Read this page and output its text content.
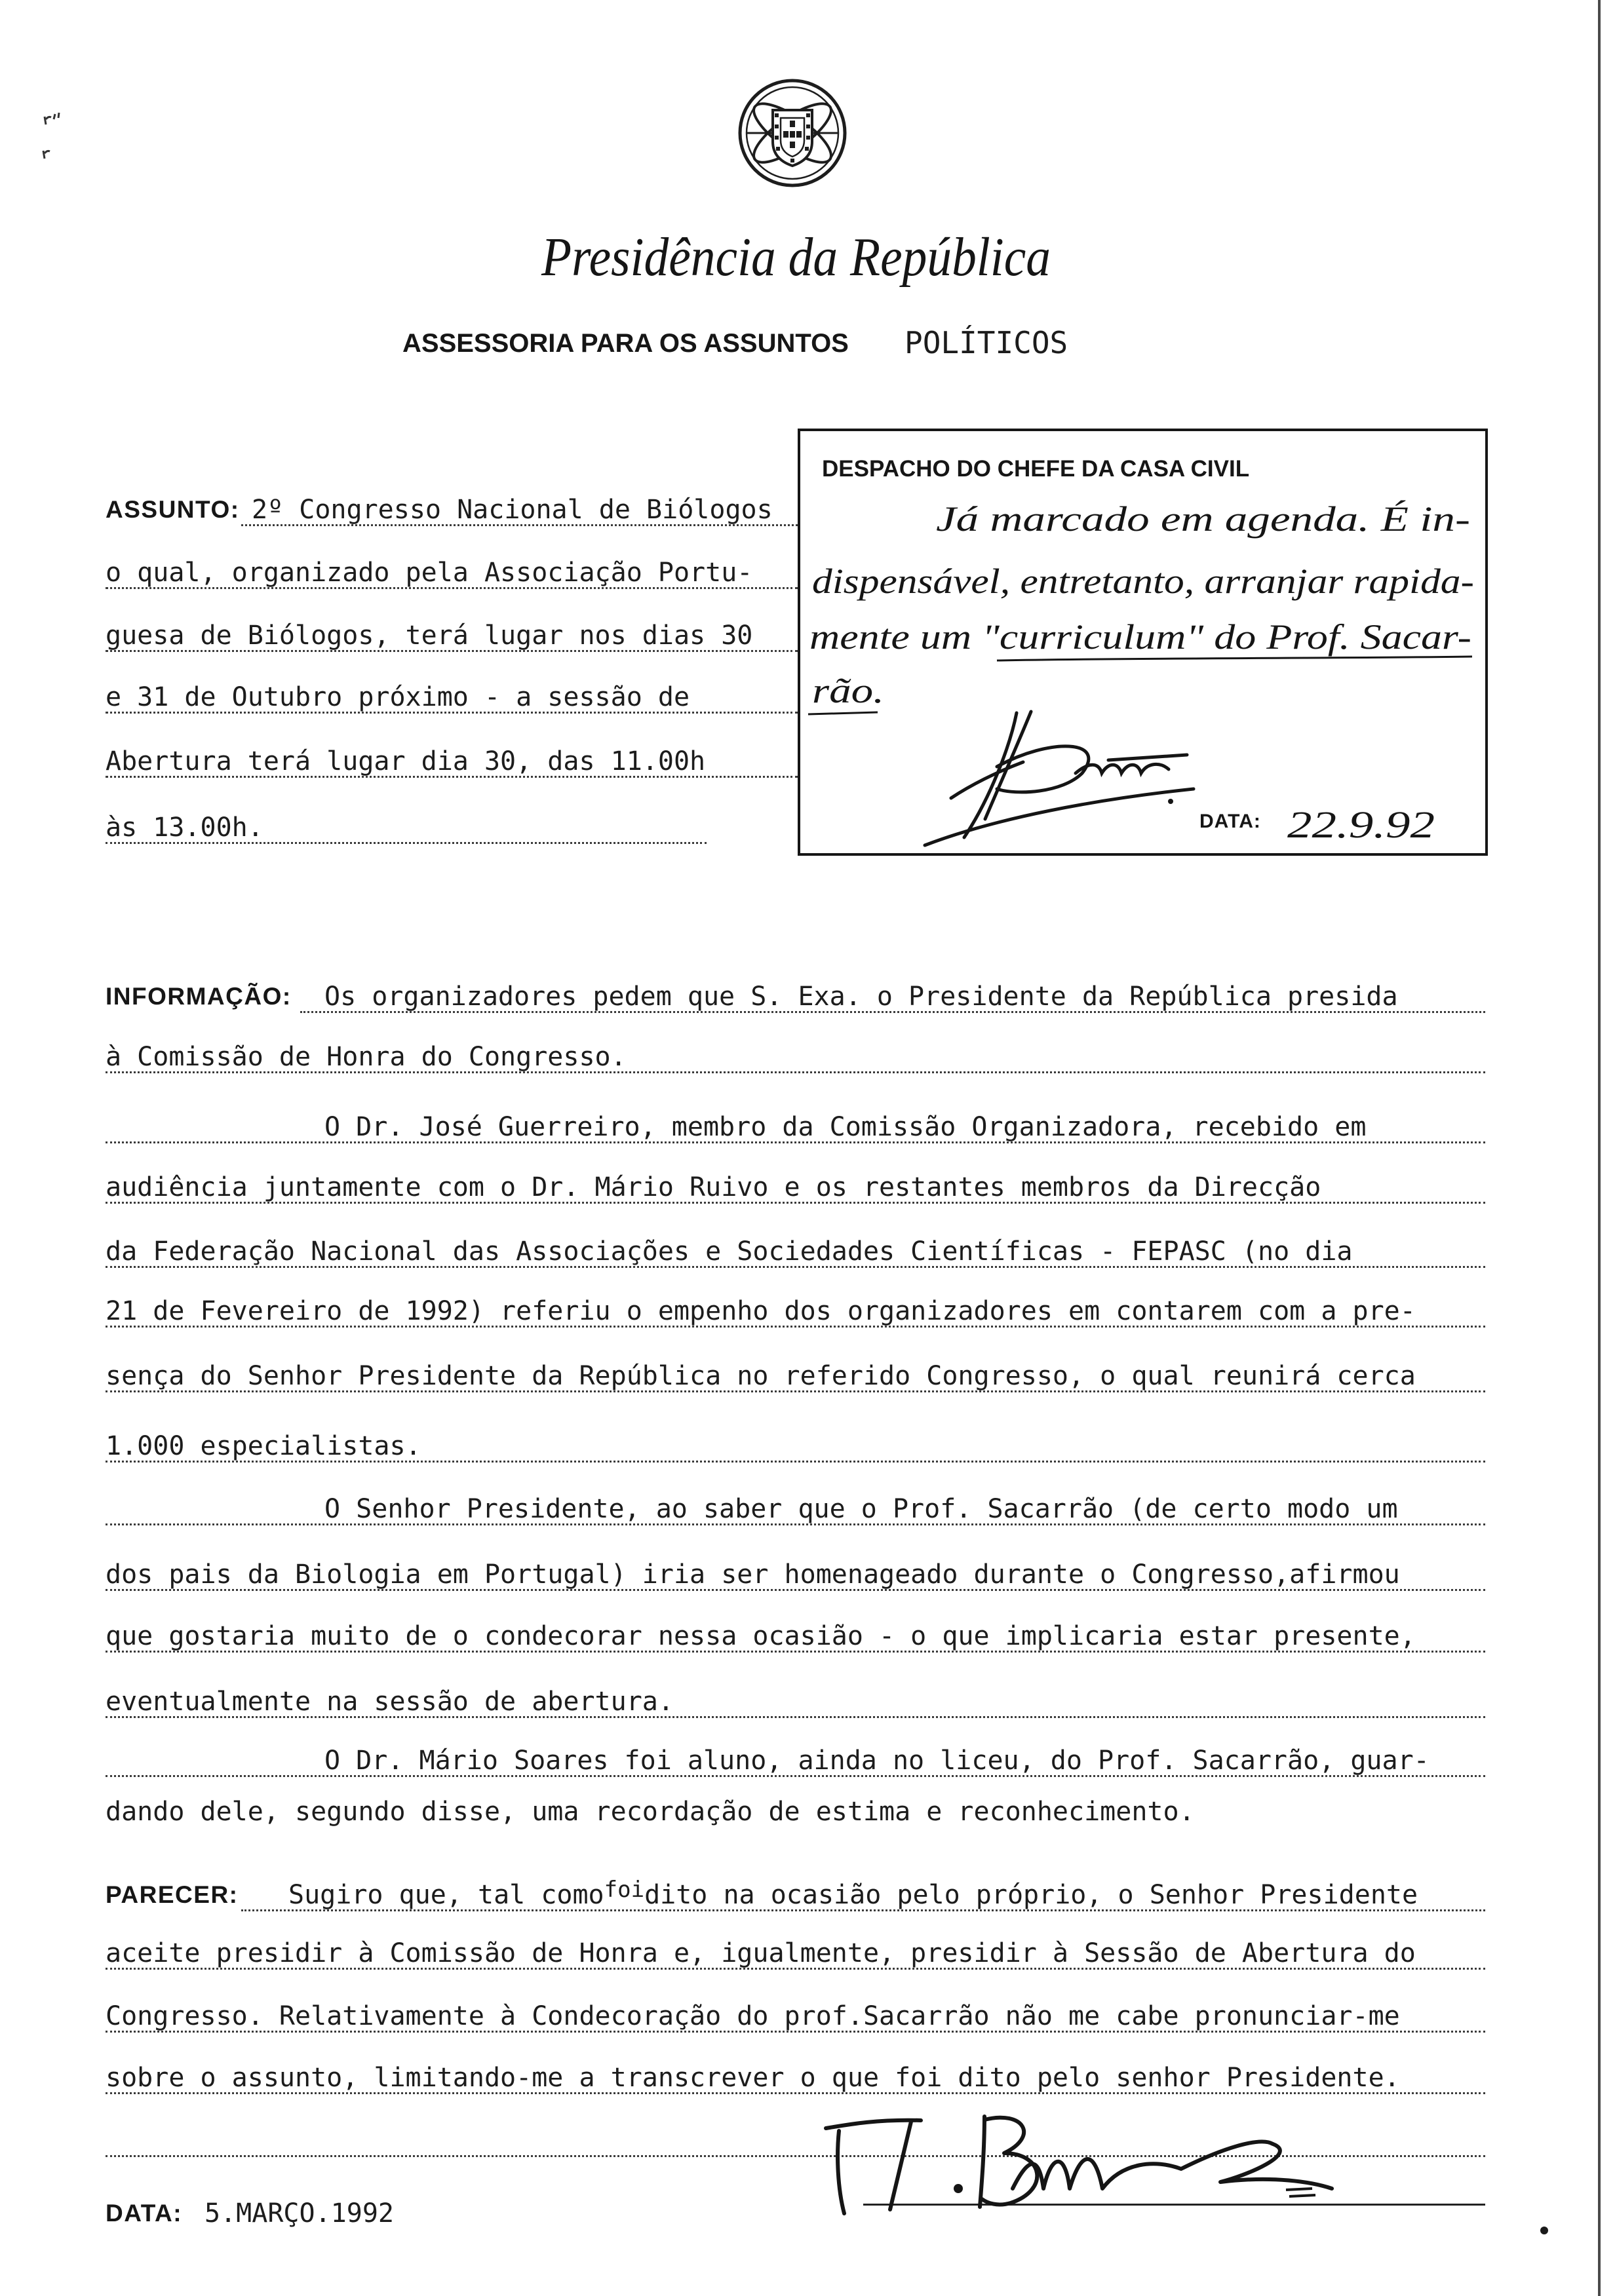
Presidência da República
ASSESSORIA PARA OS ASSUNTOS POLÍTICOS
ASSUNTO: 2º Congresso Nacional de Biólogos
o qual, organizado pela Associação Portu-
guesa de Biólogos, terá lugar nos dias 30
e 31 de Outubro próximo - a sessão de
Abertura terá lugar dia 30, das 11.00h
às 13.00h.
DESPACHO DO CHEFE DA CASA CIVIL
Já marcado em agenda. É in-
dispensável, entretanto, arranjar rapida-
mente um "curriculum" do Prof. Sacar-
rão.
22.9.92
DATA:
INFORMAÇÃO:	Os organizadores pedem que S. Exa. o Presidente da República presida
à Comissão de Honra do Congresso.
O Dr. José Guerreiro, membro da Comissão Organizadora, recebido em
audiência juntamente com o Dr. Mário Ruivo e os restantes membros da Direcção
da Federação Nacional das Associações e Sociedades Científicas - FEPASC (no dia
21 de Fevereiro de 1992) referiu o empenho dos organizadores em contarem com a pre-
sença do Senhor Presidente da República no referido Congresso, o qual reunirá cerca
1.000 especialistas.
O Senhor Presidente, ao saber que o Prof. Sacarrão (de certo modo um
dos pais da Biologia em Portugal) iria ser homenageado durante o Congresso,afirmou
que gostaria muito de o condecorar nessa ocasião - o que implicaria estar presente,
eventualmente na sessão de abertura.
O Dr. Mário Soares foi aluno, ainda no liceu, do Prof. Sacarrão, guar-
dando dele, segundo disse, uma recordação de estima e reconhecimento.
PARECER:	Sugiro que, tal como$^{foi}$dito na ocasião pelo próprio, o Senhor Presidente
aceite presidir à Comissão de Honra e, igualmente, presidir à Sessão de Abertura do
Congresso. Relativamente à Condecoração do prof.Sacarrão não me cabe pronunciar-me
sobre o assunto, limitando-me a transcrever o que foi dito pelo senhor Presidente.
DATA: 5.MARÇO.1992
